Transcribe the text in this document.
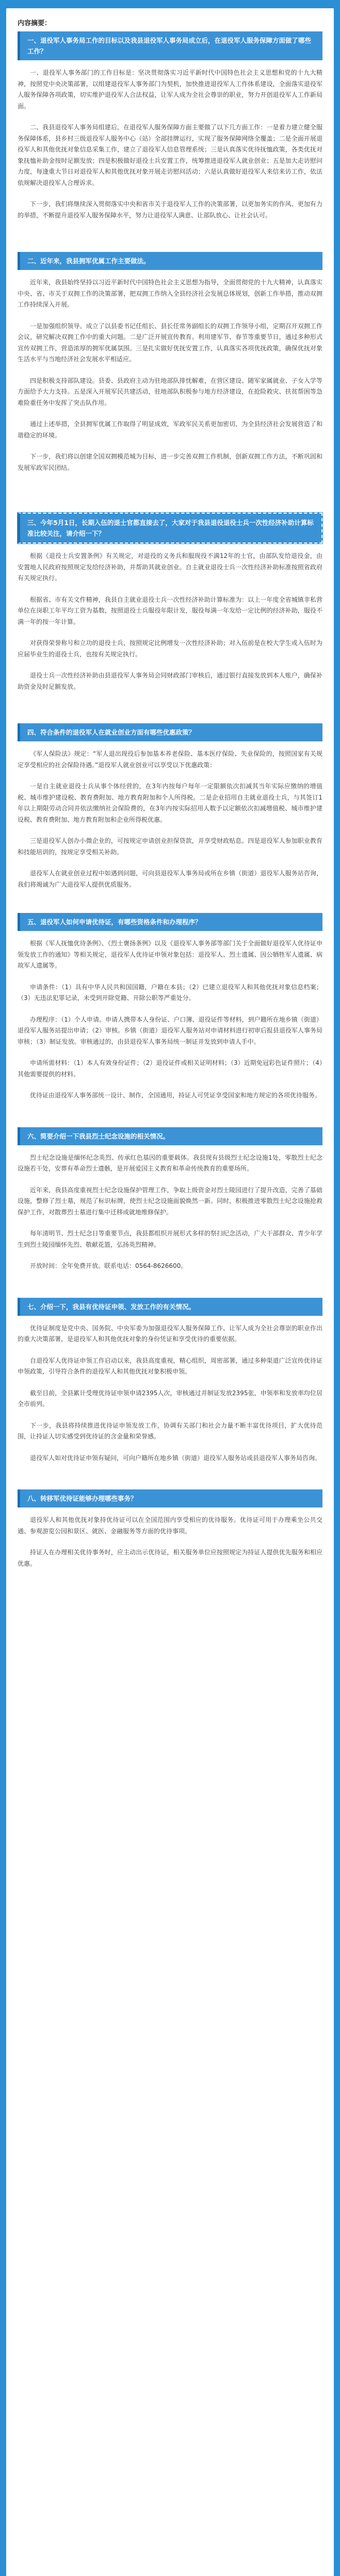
内容摘要：
一、退役军人事务局工作的目标以及我县退役军人事务局成立后，在退役军人服务保障方面做了哪些工作？

一、退役军人事务部门的工作目标是：坚决贯彻落实习近平新时代中国特色社会主义思想和党的十九大精神，按照党中央决策部署，以组建退役军人事务部门为契机，加快推进退役军人工作体系建设，全面落实退役军人服务保障各项政策，切实维护退役军人合法权益，让军人成为全社会尊崇的职业，努力开创退役军人工作新局面。

二、我县退役军人事务局组建后，在退役军人服务保障方面主要做了以下几方面工作：一是着力建立健全服务保障体系，县乡村三级退役军人服务中心（站）全部挂牌运行，实现了服务保障网络全覆盖；二是全面开展退役军人和其他优抚对象信息采集工作，建立了退役军人信息管理系统；三是认真落实优待抚恤政策，各类优抚对象抚恤补助金按时足额发放；四是积极做好退役士兵安置工作，统筹推进退役军人就业创业；五是加大走访慰问力度，每逢重大节日对退役军人和其他优抚对象开展走访慰问活动；六是认真做好退役军人来信来访工作，依法依规解决退役军人合理诉求。

下一步，我们将继续深入贯彻落实中央和省市关于退役军人工作的决策部署，以更加务实的作风、更加有力的举措，不断提升退役军人服务保障水平，努力让退役军人满意、让部队放心、让社会认可。

二、近年来，我县拥军优属工作主要做法。

近年来，我县始终坚持以习近平新时代中国特色社会主义思想为指导，全面贯彻党的十九大精神，认真落实中央、省、市关于双拥工作的决策部署，把双拥工作纳入全县经济社会发展总体规划，创新工作举措，推动双拥工作持续深入开展。

一是加强组织领导。成立了以县委书记任组长、县长任常务副组长的双拥工作领导小组，定期召开双拥工作会议，研究解决双拥工作中的重大问题。二是广泛开展宣传教育。利用建军节、春节等重要节日，通过多种形式宣传双拥工作，营造浓厚的拥军优属氛围。三是扎实做好优抚安置工作，认真落实各项优抚政策，确保优抚对象生活水平与当地经济社会发展水平相适应。

四是积极支持部队建设。县委、县政府主动为驻地部队排忧解难，在营区建设、随军家属就业、子女入学等方面给予大力支持。五是深入开展军民共建活动，驻地部队积极参与地方经济建设，在抢险救灾、扶贫帮困等急难险重任务中发挥了突击队作用。

通过上述举措，全县拥军优属工作取得了明显成效，军政军民关系更加密切，为全县经济社会发展营造了和谐稳定的环境。

下一步，我们将以创建全国双拥模范城为目标，进一步完善双拥工作机制，创新双拥工作方法，不断巩固和发展军政军民团结。

三、今年5月1日，长期入伍的退士官都直接去了，大家对于我县退役退役士兵一次性经济补助计算标准比较关注，请介绍一下？

根据《退役士兵安置条例》有关规定，对退役的义务兵和服现役不满12年的士官，由部队发给退役金，由安置地人民政府按照规定发给经济补助，并帮助其就业创业。自主就业退役士兵一次性经济补助标准按照省政府有关规定执行。

根据省、市有关文件精神，我县自主就业退役士兵一次性经济补助计算标准为：以上一年度全省城镇非私营单位在岗职工年平均工资为基数，按照退役士兵服役年限计发，服役每满一年发给一定比例的经济补助，服役不满一年的按一年计算。

对获得荣誉称号和立功的退役士兵，按照规定比例增发一次性经济补助；对入伍前是在校大学生或入伍时为应届毕业生的退役士兵，也按有关规定执行。

退役士兵一次性经济补助由县退役军人事务局会同财政部门审核后，通过银行直接发放到本人账户，确保补助资金及时足额发放。

四、符合条件的退役军人在就业创业方面有哪些优惠政策？

《军人保险法》规定：“军人退出现役后参加基本养老保险、基本医疗保险、失业保险的，按照国家有关规定享受相应的社会保险待遇。”退役军人就业创业可以享受以下优惠政策：

一是自主就业退役士兵从事个体经营的，在3年内按每户每年一定限额依次扣减其当年实际应缴纳的增值税、城市维护建设税、教育费附加、地方教育附加和个人所得税。二是企业招用自主就业退役士兵，与其签订1年以上期限劳动合同并依法缴纳社会保险费的，在3年内按实际招用人数予以定额依次扣减增值税、城市维护建设税、教育费附加、地方教育附加和企业所得税优惠。

三是退役军人创办小微企业的，可按规定申请创业担保贷款，并享受财政贴息。四是退役军人参加职业教育和技能培训的，按规定享受相关补助。

退役军人在就业创业过程中如遇到问题，可向县退役军人事务局或所在乡镇（街道）退役军人服务站咨询，我们将竭诚为广大退役军人提供优质服务。

五、退役军人如何申请优待证，有哪些资格条件和办理程序？

根据《军人抚恤优待条例》、《烈士褒扬条例》以及《退役军人事务部等部门关于全面做好退役军人优待证申领发放工作的通知》等相关规定，退役军人优待证申领对象包括：退役军人、烈士遗属、因公牺牲军人遗属、病故军人遗属等。

申请条件：（1）具有中华人民共和国国籍，户籍在本县；（2）已建立退役军人和其他优抚对象信息档案；（3）无违法犯罪记录，未受到开除党籍、开除公职等严重处分。

办理程序：（1）个人申请。申请人携带本人身份证、户口簿、退役证件等材料，到户籍所在地乡镇（街道）退役军人服务站提出申请；（2）审核。乡镇（街道）退役军人服务站对申请材料进行初审后报县退役军人事务局审核；（3）制证发放。审核通过的，由县退役军人事务局统一制证并发放到申请人手中。

申请所需材料：（1）本人有效身份证件；（2）退役证件或相关证明材料；（3）近期免冠彩色证件照片；（4）其他需要提供的材料。

优待证由退役军人事务部统一设计、制作，全国通用，持证人可凭证享受国家和地方规定的各项优待服务。

六、简要介绍一下我县烈士纪念设施的相关情况。

烈士纪念设施是缅怀纪念英烈、传承红色基因的重要载体。我县现有县级烈士纪念设施1处，零散烈士纪念设施若干处，安葬有革命烈士遗骸，是开展爱国主义教育和革命传统教育的重要场所。

近年来，我县高度重视烈士纪念设施保护管理工作，争取上级资金对烈士陵园进行了提升改造，完善了基础设施，整修了烈士墓，规范了标识标牌，使烈士纪念设施面貌焕然一新。同时，积极推进零散烈士纪念设施抢救保护工作，对散葬烈士墓进行集中迁移或就地维修保护。

每年清明节、烈士纪念日等重要节点，我县都组织开展形式多样的祭扫纪念活动，广大干部群众、青少年学生到烈士陵园缅怀先烈、敬献花篮，弘扬英烈精神。

开放时间：全年免费开放。联系电话：0564-8626600。

七、介绍一下，我县有优待证申领、发放工作的有关情况。

优待证制度是党中央、国务院、中央军委为加强退役军人服务保障工作、让军人成为全社会尊崇的职业作出的重大决策部署，是退役军人和其他优抚对象的身份凭证和享受优待的重要依据。

自退役军人优待证申领工作启动以来，我县高度重视，精心组织，周密部署，通过多种渠道广泛宣传优待证申领政策，引导符合条件的退役军人和其他优抚对象积极申领。

截至目前，全县累计受理优待证申领申请2395人次，审核通过并制证发放2395张，申领率和发放率均位居全市前列。

下一步，我县将持续推进优待证申领发放工作，协调有关部门和社会力量不断丰富优待项目，扩大优待范围，让持证人切实感受到优待证的含金量和荣誉感。

退役军人如对优待证申领有疑问，可向户籍所在地乡镇（街道）退役军人服务站或县退役军人事务局咨询。

八、转移军优待证能够办理哪些事务？

退役军人和其他优抚对象持优待证可以在全国范围内享受相应的优待服务。优待证可用于办理乘坐公共交通、参观游览公园和景区、就医、金融服务等方面的优待事项。

持证人在办理相关优待事务时，应主动出示优待证，相关服务单位应按照规定为持证人提供优先服务和相应优惠。
